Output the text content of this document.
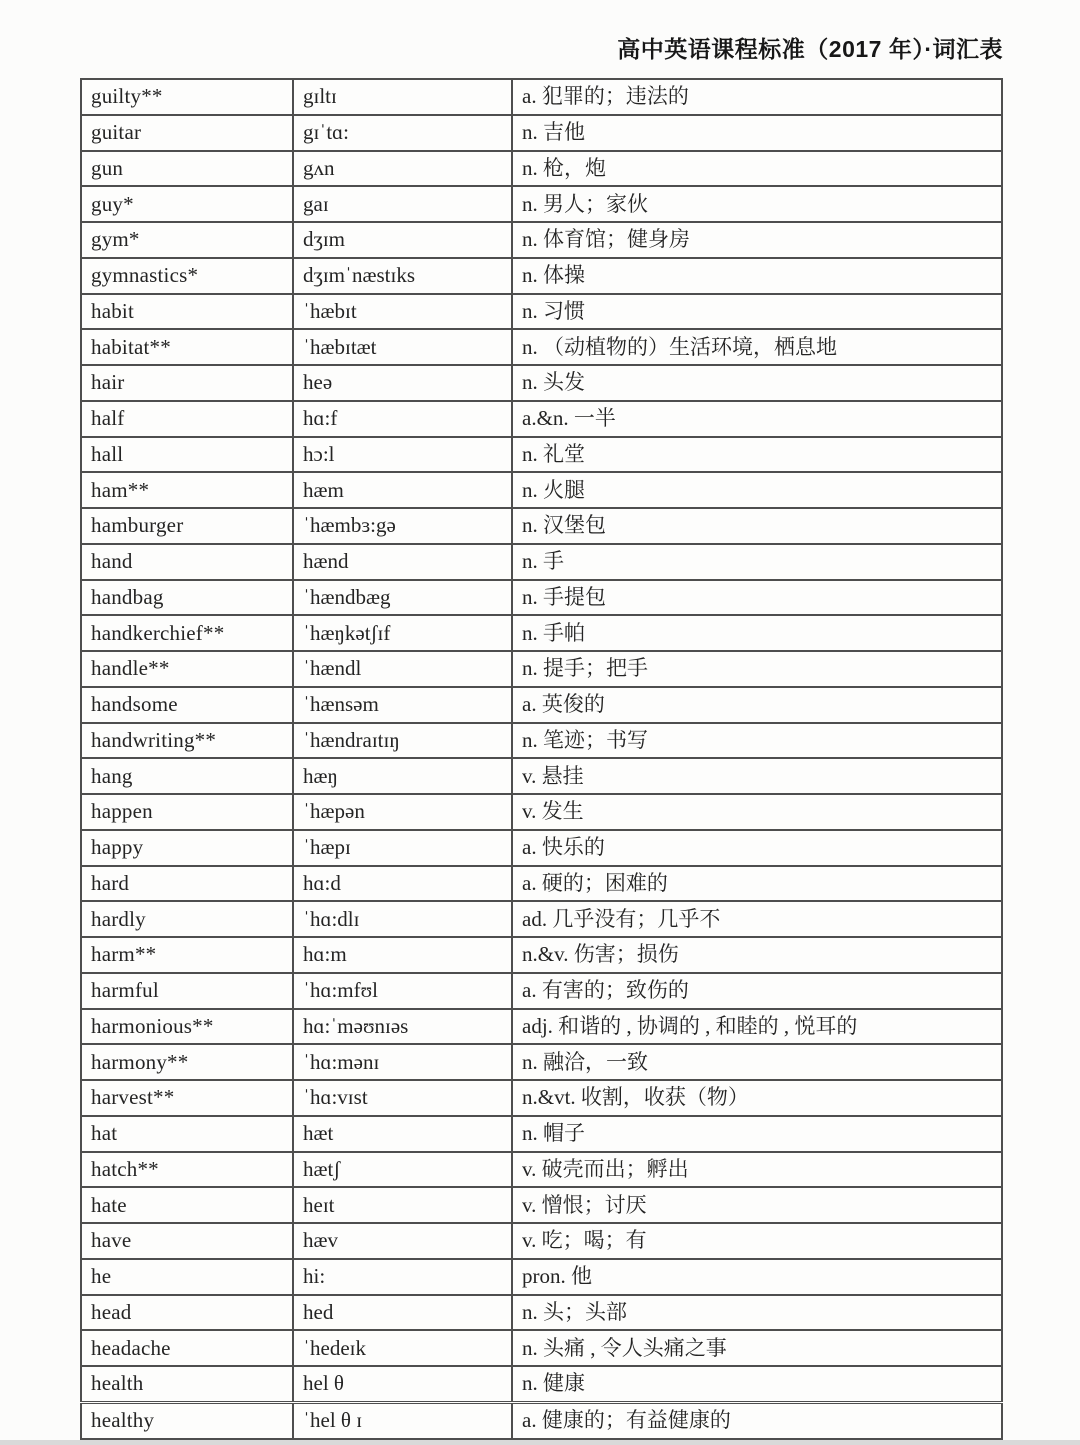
高中英语课程标准（2017 年）·词汇表
guilty**	gɪltɪ	a. 犯罪的；违法的
guitar	gɪˈtɑ:	n. 吉他
gun	gʌn	n. 枪，炮
guy*	gaɪ	n. 男人；家伙
gym*	dʒɪm	n. 体育馆；健身房
gymnastics*	dʒɪmˈnæstɪks	n. 体操
habit	ˈhæbɪt	n. 习惯
habitat**	ˈhæbɪtæt	n. （动植物的）生活环境，栖息地
hair	heə	n. 头发
half	hɑ:f	a.&n. 一半
hall	hɔ:l	n. 礼堂
ham**	hæm	n. 火腿
hamburger	ˈhæmbɜ:gə	n. 汉堡包
hand	hænd	n. 手
handbag	ˈhændbæg	n. 手提包
handkerchief**	ˈhæŋkətʃɪf	n. 手帕
handle**	ˈhændl	n. 提手；把手
handsome	ˈhænsəm	a. 英俊的
handwriting**	ˈhændraɪtɪŋ	n. 笔迹；书写
hang	hæŋ	v. 悬挂
happen	ˈhæpən	v. 发生
happy	ˈhæpɪ	a. 快乐的
hard	hɑ:d	a. 硬的；困难的
hardly	ˈhɑ:dlɪ	ad. 几乎没有；几乎不
harm**	hɑ:m	n.&v. 伤害；损伤
harmful	ˈhɑ:mfʊl	a. 有害的；致伤的
harmonious**	hɑ:ˈməʊnɪəs	adj. 和谐的 , 协调的 , 和睦的 , 悦耳的
harmony**	ˈhɑ:mənɪ	n. 融洽，一致
harvest**	ˈhɑ:vɪst	n.&vt. 收割，收获（物）
hat	hæt	n. 帽子
hatch**	hætʃ	v. 破壳而出；孵出
hate	heɪt	v. 憎恨；讨厌
have	hæv	v. 吃；喝；有
he	hi:	pron. 他
head	hed	n. 头；头部
headache	ˈhedeɪk	n. 头痛 , 令人头痛之事
health	hel θ	n. 健康
healthy	ˈhel θ ɪ	a. 健康的；有益健康的
